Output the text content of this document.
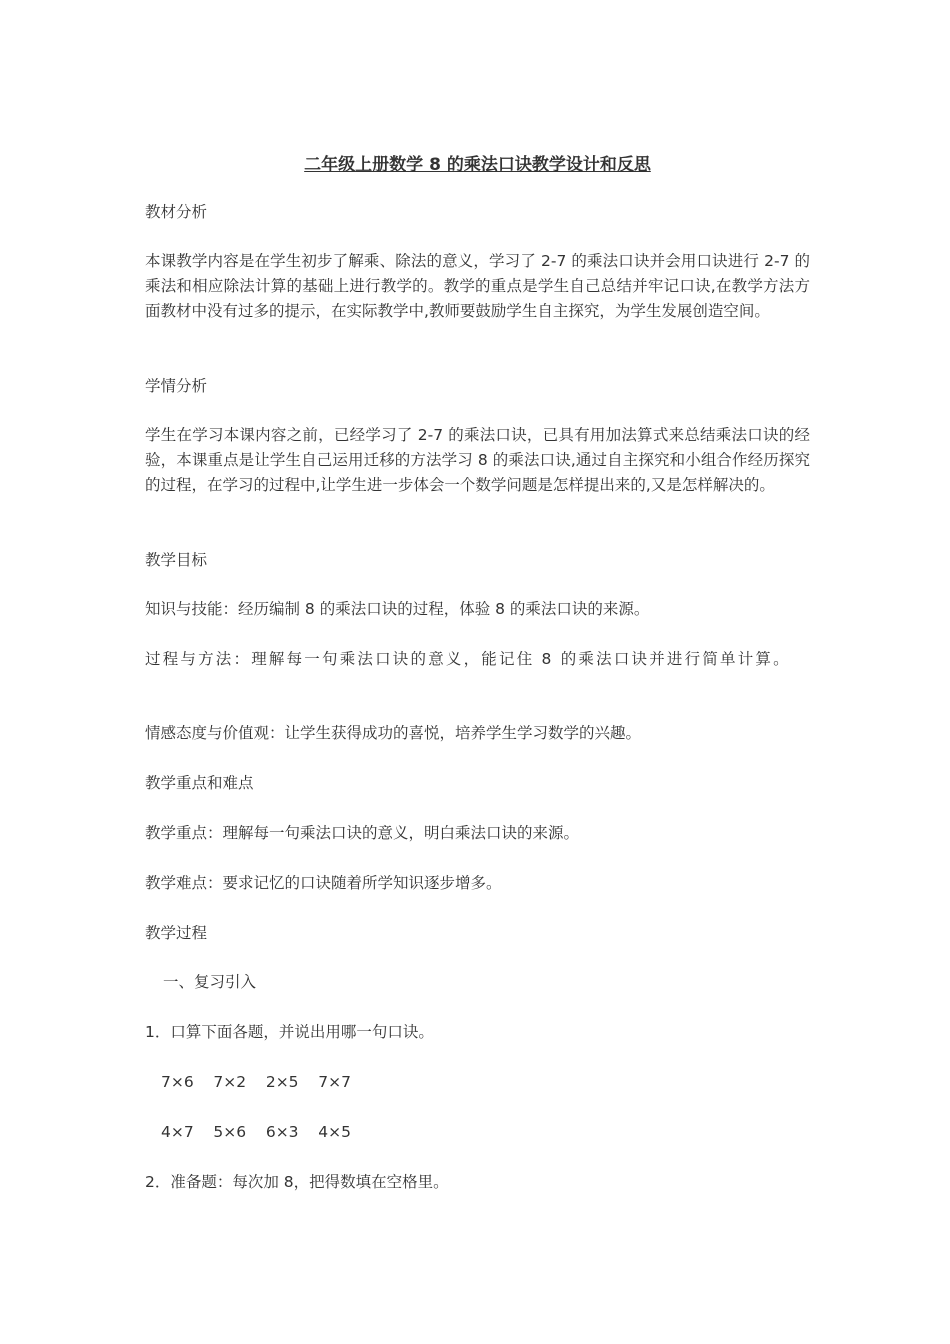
二年级上册数学 8 的乘法口诀教学设计和反思

教材分析

本课教学内容是在学生初步了解乘、除法的意义，学习了 2-7 的乘法口诀并会用口诀进行 2-7 的乘法和相应除法计算的基础上进行教学的。教学的重点是学生自己总结并牢记口诀,在教学方法方面教材中没有过多的提示，在实际教学中,教师要鼓励学生自主探究，为学生发展创造空间。

学情分析

学生在学习本课内容之前，已经学习了 2-7 的乘法口诀，已具有用加法算式来总结乘法口诀的经验，本课重点是让学生自己运用迁移的方法学习 8 的乘法口诀,通过自主探究和小组合作经历探究的过程，在学习的过程中,让学生进一步体会一个数学问题是怎样提出来的,又是怎样解决的。

教学目标

知识与技能：经历编制 8 的乘法口诀的过程，体验 8 的乘法口诀的来源。

过程与方法：理解每一句乘法口诀的意义，能记住 8 的乘法口诀并进行简单计算。

情感态度与价值观：让学生获得成功的喜悦，培养学生学习数学的兴趣。

教学重点和难点

教学重点：理解每一句乘法口诀的意义，明白乘法口诀的来源。

教学难点：要求记忆的口诀随着所学知识逐步增多。

教学过程

一、复习引入

1．口算下面各题，并说出用哪一句口诀。

7×6    7×2    2×5    7×7

4×7    5×6    6×3    4×5

2．准备题：每次加 8，把得数填在空格里。
